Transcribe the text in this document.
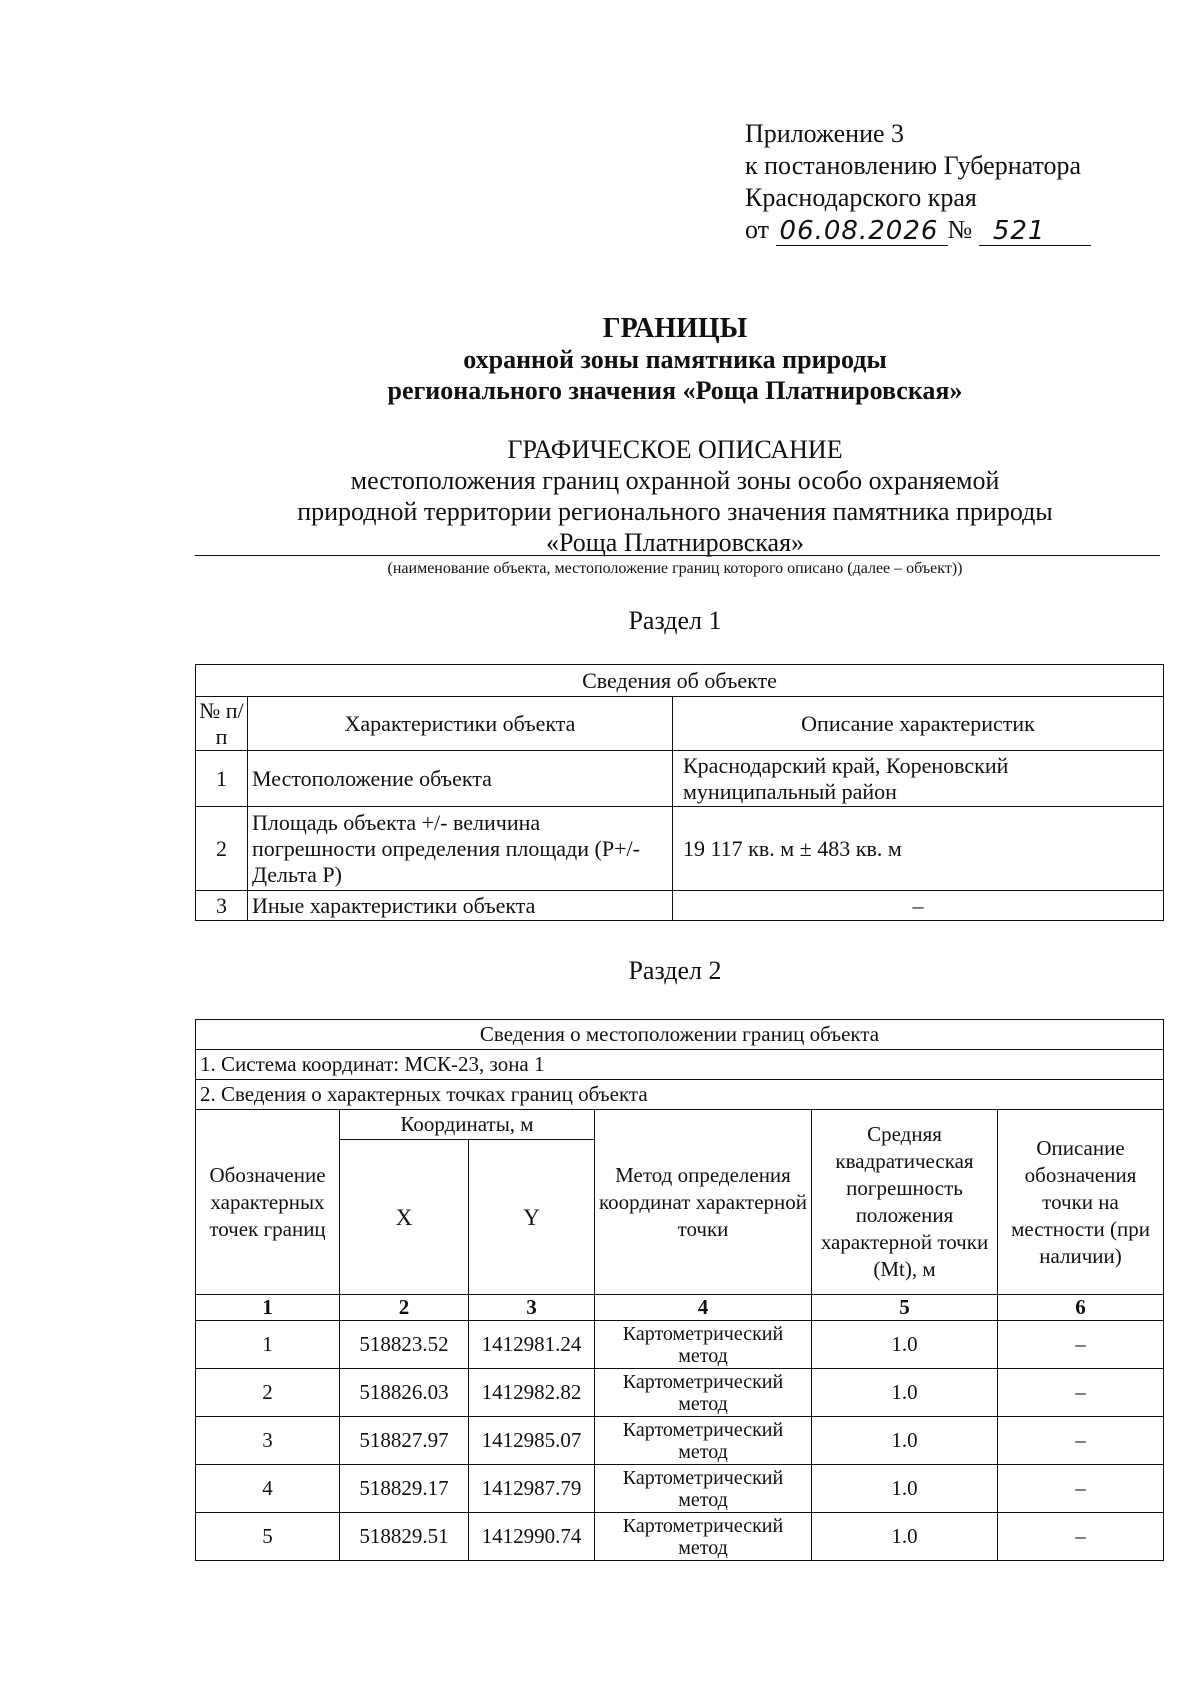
Приложение 3
к постановлению Губернатора
Краснодарского края
от 06.08.2026 № 521
ГРАНИЦЫ
охранной зоны памятника природы
регионального значения «Роща Платнировская»
ГРАФИЧЕСКОЕ ОПИСАНИЕ
местоположения границ охранной зоны особо охраняемой
природной территории регионального значения памятника природы
«Роща Платнировская»
(наименование объекта, местоположение границ которого описано (далее – объект))
Раздел 1
Сведения об объекте		
№ п/п	Характеристики объекта	Описание характеристик
1	Местоположение объекта	Краснодарский край, Кореновский муниципальный район
2	Площадь объекта +/- величина погрешности определения площади (Р+/- Дельта Р)	19 117 кв. м ± 483 кв. м
3	Иные характеристики объекта	–
Раздел 2
Сведения о местоположении границ объекта					
1. Система координат: МСК-23, зона 1					
2. Сведения о характерных точках границ объекта					
Обозначение характерных точек границ	Координаты, м		Метод определения координат характерной точки	Средняя квадратическая погрешность положения характерной точки (Mt), м	Описание обозначения точки на местности (при наличии)
	X	Y			
1	2	3	4	5	6
1	518823.52	1412981.24	Картометрический метод	1.0	–
2	518826.03	1412982.82	Картометрический метод	1.0	–
3	518827.97	1412985.07	Картометрический метод	1.0	–
4	518829.17	1412987.79	Картометрический метод	1.0	–
5	518829.51	1412990.74	Картометрический метод	1.0	–
